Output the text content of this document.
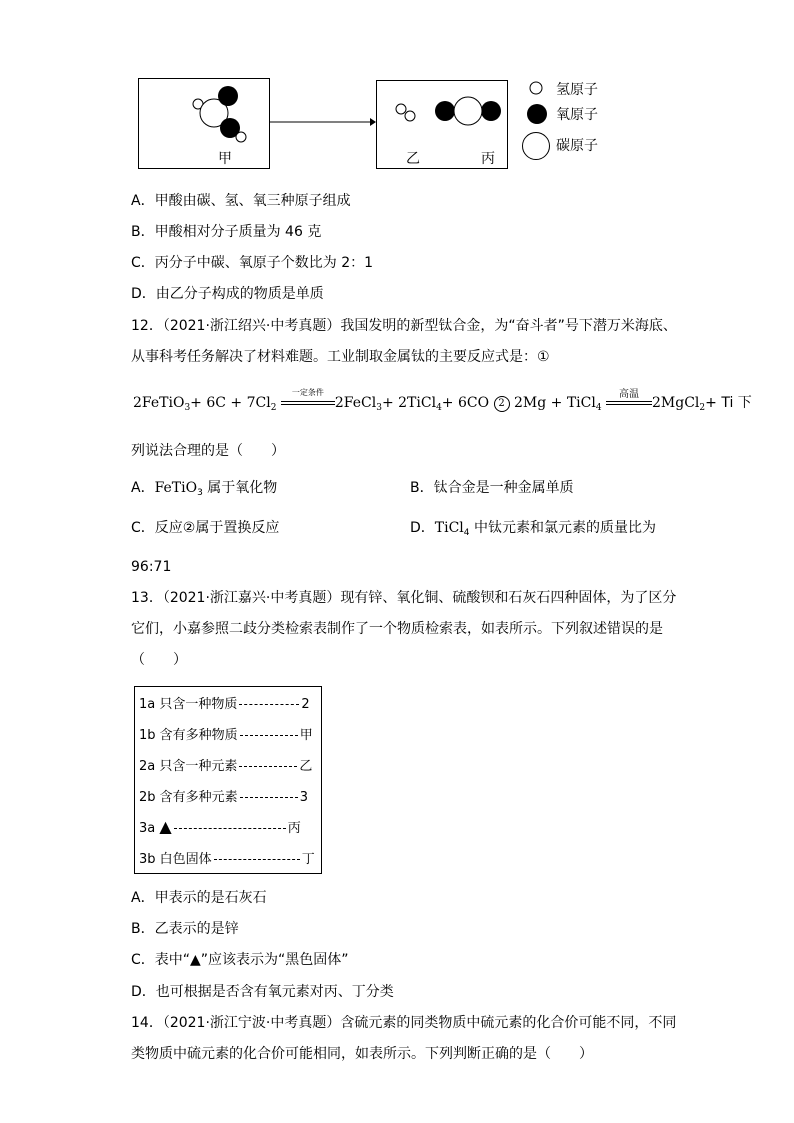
甲	乙	丙
氢原子
氧原子
碳原子
A．甲酸由碳、氢、氧三种原子组成
B．甲酸相对分子质量为 46 克
C．丙分子中碳、氧原子个数比为 2：1
D．由乙分子构成的物质是单质
12．（2021·浙江绍兴·中考真题）我国发明的新型钛合金，为“奋斗者”号下潜万米海底、
从事科考任务解决了材料难题。工业制取金属钛的主要反应式是：①
2FeTiO3+ 6C + 7Cl2
一定条件
2FeCl3+ 2TiCl4+ 6CO 2 2Mg + TiCl4
高温
2MgCl2+ Ti 下
列说法合理的是（　　）
A．FeTiO$_3$ 属于氧化物	B．钛合金是一种金属单质
C．反应②属于置换反应	D．TiCl$_4$ 中钛元素和氯元素的质量比为
96:71
13．（2021·浙江嘉兴·中考真题）现有锌、氧化铜、硫酸钡和石灰石四种固体，为了区分
它们，小嘉参照二歧分类检索表制作了一个物质检索表，如表所示。下列叙述错误的是
（　　）
1a 只含一种物质	2
1b 含有多种物质	甲
2a 只含一种元素	乙
2b 含有多种元素	3
3a ▲	丙
3b 白色固体	丁
A．甲表示的是石灰石
B．乙表示的是锌
C．表中“▲”应该表示为“黑色固体”
D．也可根据是否含有氧元素对丙、丁分类
14．（2021·浙江宁波·中考真题）含硫元素的同类物质中硫元素的化合价可能不同，不同
类物质中硫元素的化合价可能相同，如表所示。下列判断正确的是（　　）
